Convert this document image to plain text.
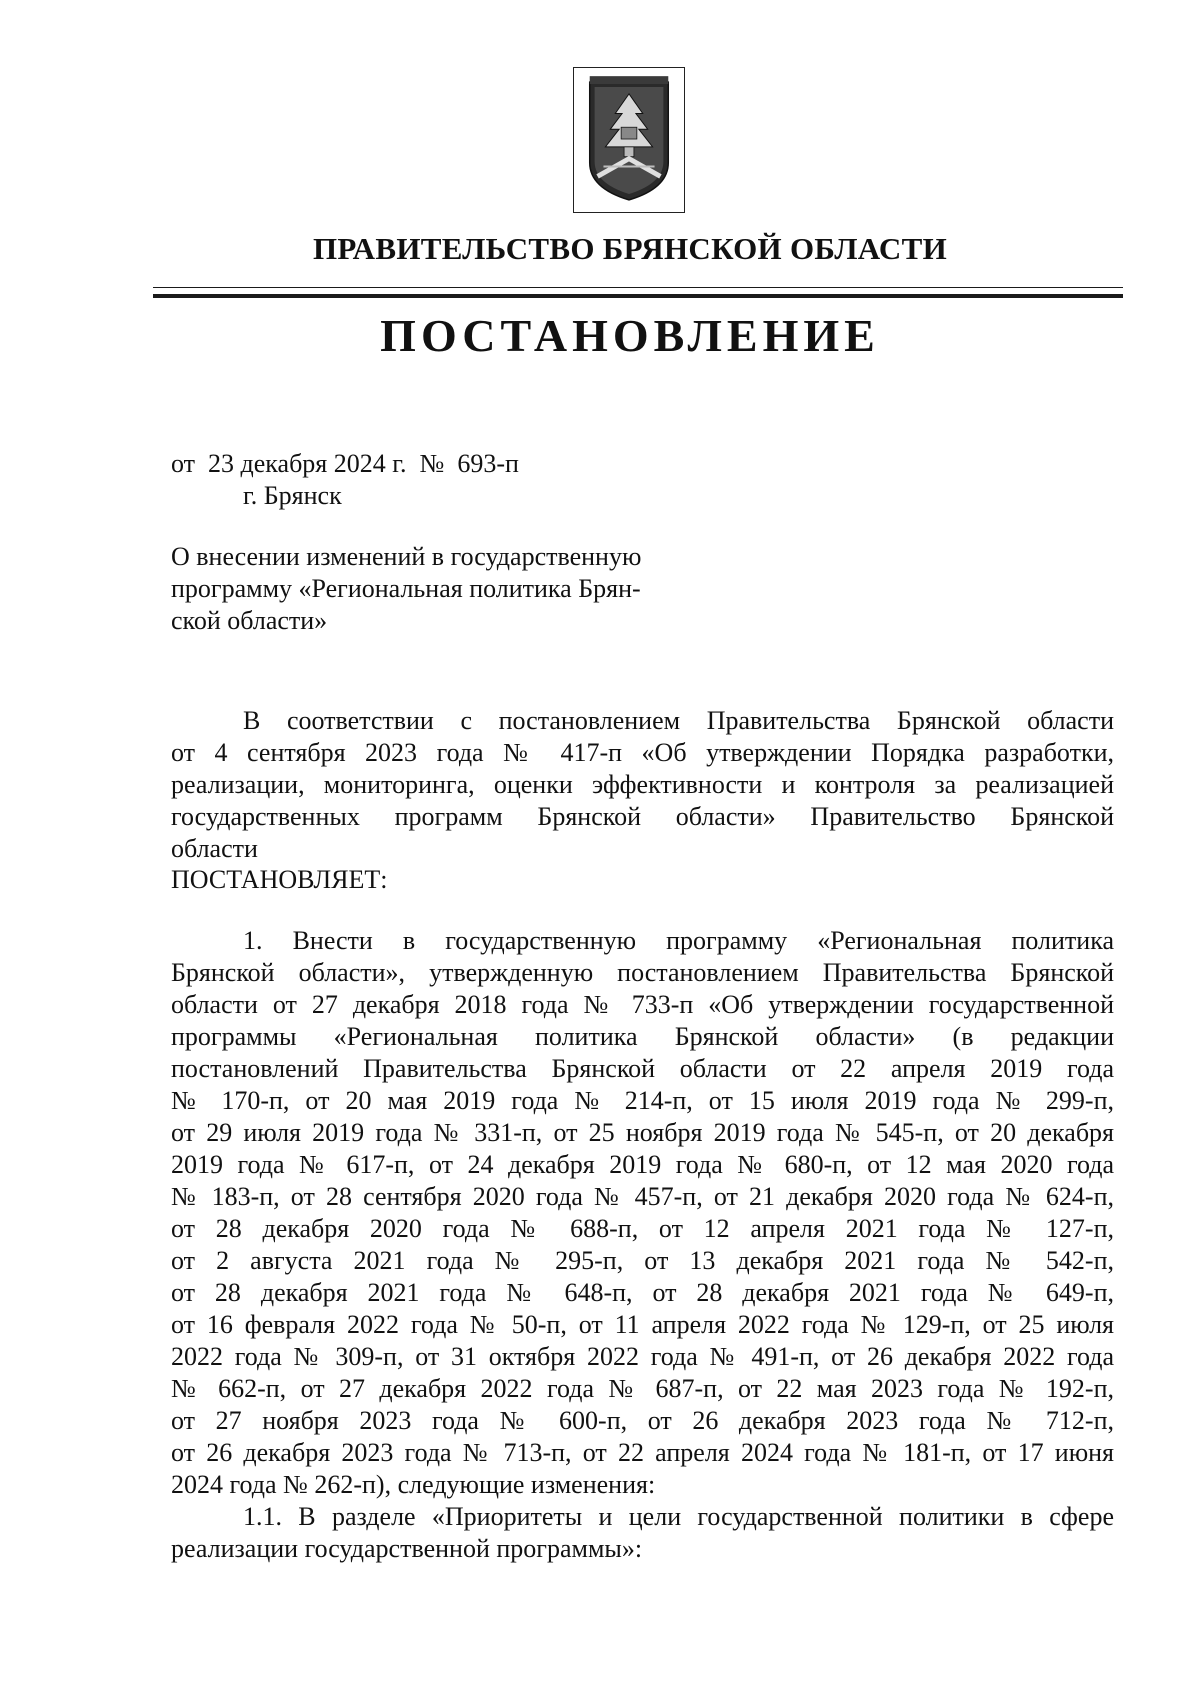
ПРАВИТЕЛЬСТВО БРЯНСКОЙ ОБЛАСТИ
ПОСТАНОВЛЕНИЕ
от 23 декабря 2024 г. № 693-п
г. Брянск
О внесении изменений в государственную
программу «Региональная политика Брян-
ской области»
В соответствии с постановлением Правительства Брянской области
от 4 сентября 2023 года № 417-п «Об утверждении Порядка разработки,
реализации, мониторинга, оценки эффективности и контроля за реализацией
государственных программ Брянской области» Правительство Брянской
области
ПОСТАНОВЛЯЕТ:
1. Внести в государственную программу «Региональная политика
Брянской области», утвержденную постановлением Правительства Брянской
области от 27 декабря 2018 года № 733-п «Об утверждении государственной
программы «Региональная политика Брянской области» (в редакции
постановлений Правительства Брянской области от 22 апреля 2019 года
№ 170-п, от 20 мая 2019 года № 214-п, от 15 июля 2019 года № 299-п,
от 29 июля 2019 года № 331-п, от 25 ноября 2019 года № 545-п, от 20 декабря
2019 года № 617-п, от 24 декабря 2019 года № 680-п, от 12 мая 2020 года
№ 183-п, от 28 сентября 2020 года № 457-п, от 21 декабря 2020 года № 624-п,
от 28 декабря 2020 года № 688-п, от 12 апреля 2021 года № 127-п,
от 2 августа 2021 года № 295-п, от 13 декабря 2021 года № 542-п,
от 28 декабря 2021 года № 648-п, от 28 декабря 2021 года № 649-п,
от 16 февраля 2022 года № 50-п, от 11 апреля 2022 года № 129-п, от 25 июля
2022 года № 309-п, от 31 октября 2022 года № 491-п, от 26 декабря 2022 года
№ 662-п, от 27 декабря 2022 года № 687-п, от 22 мая 2023 года № 192-п,
от 27 ноября 2023 года № 600-п, от 26 декабря 2023 года № 712-п,
от 26 декабря 2023 года № 713-п, от 22 апреля 2024 года № 181-п, от 17 июня
2024 года № 262-п), следующие изменения:
1.1. В разделе «Приоритеты и цели государственной политики в сфере
реализации государственной программы»:
